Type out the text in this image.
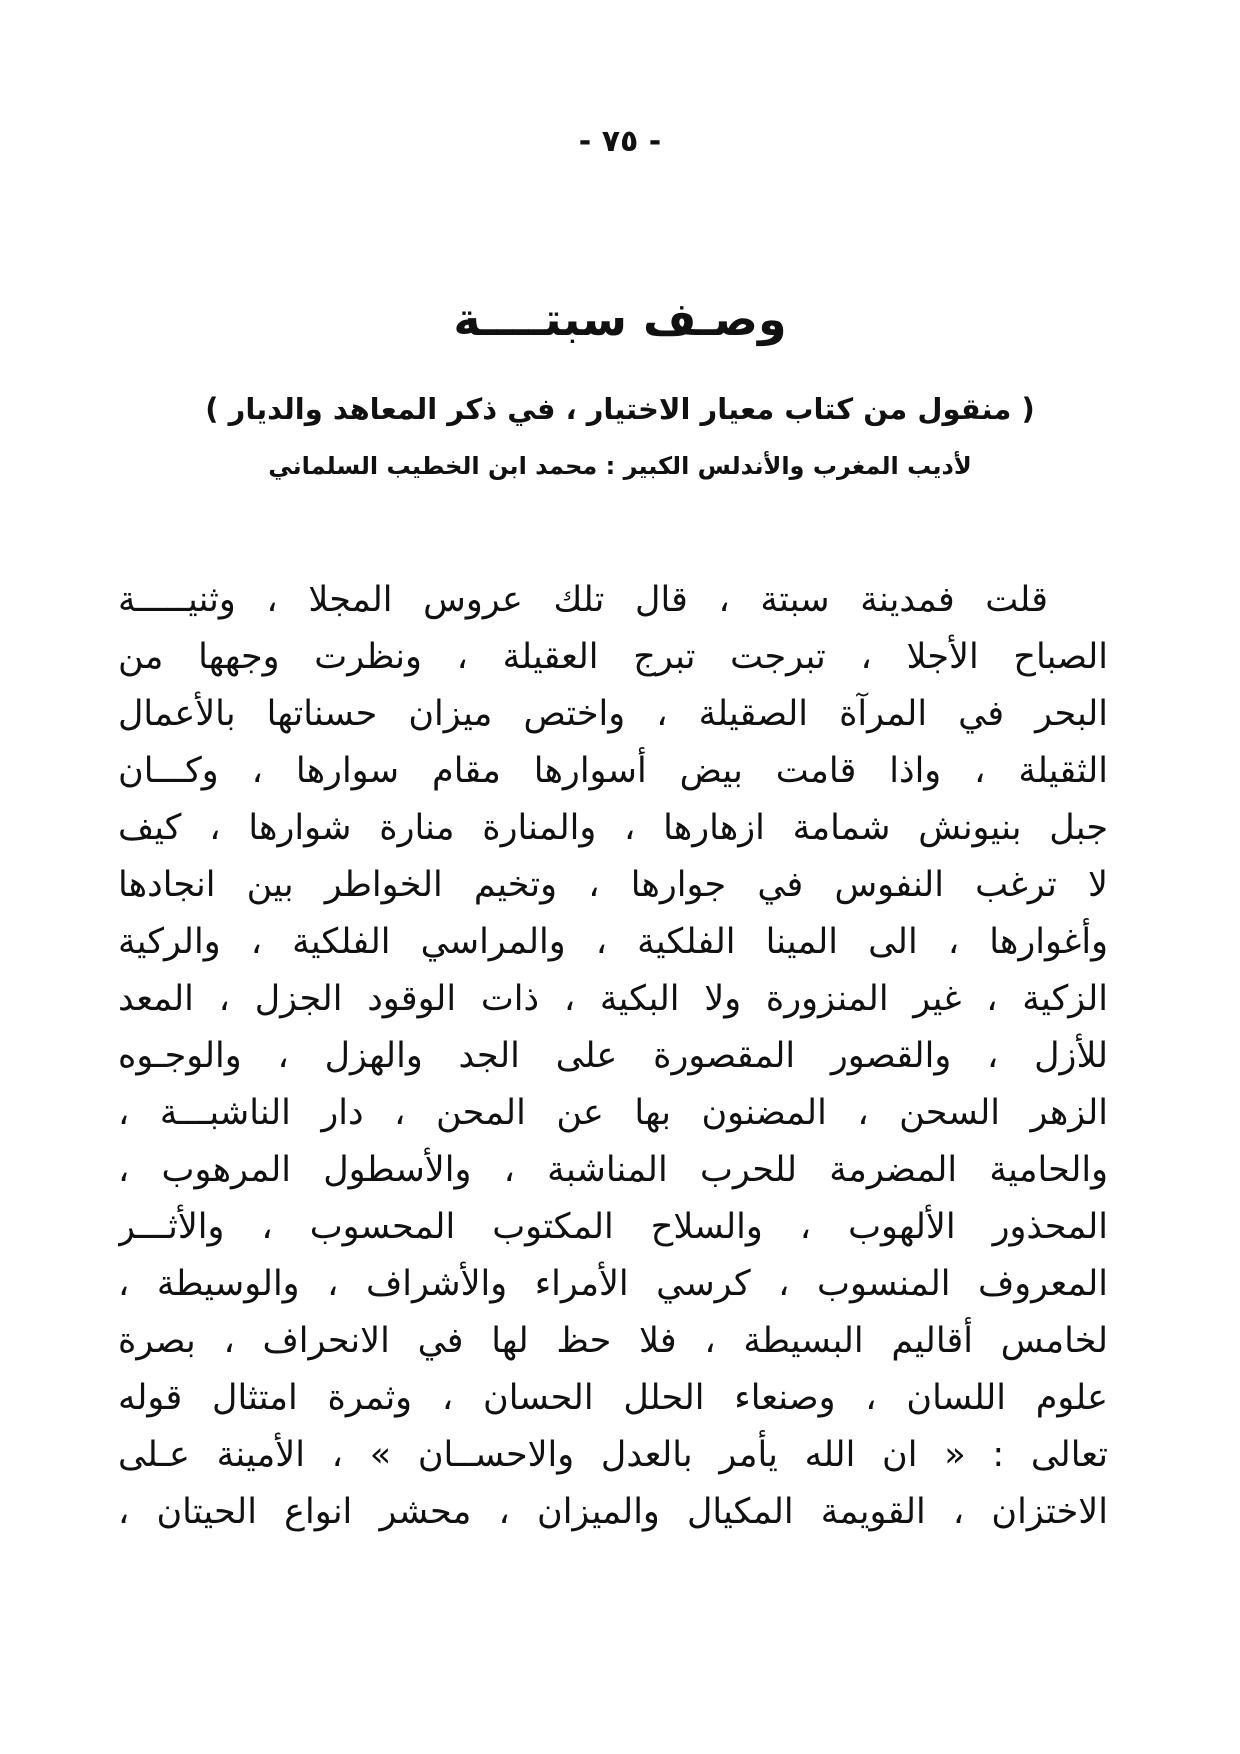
- ٧٥ -
وصـف سبتــــة
( منقول من كتاب معيار الاختيار ، في ذكر المعاهد والديار )
لأديب المغرب والأندلس الكبير : محمد ابن الخطيب السلماني
قلت فمدينة سبتة ، قال تلك عروس المجلا ، وثنيـــــة
الصباح الأجلا ، تبرجت تبرج العقيلة ، ونظرت وجهها من
البحر في المرآة الصقيلة ، واختص ميزان حسناتها بالأعمال
الثقيلة ، واذا قامت بيض أسوارها مقام سوارها ، وكـــان
جبل بنيونش شمامة ازهارها ، والمنارة منارة شوارها ، كيف
لا ترغب النفوس في جوارها ، وتخيم الخواطر بين انجادها
وأغوارها ، الى المينا الفلكية ، والمراسي الفلكية ، والركية
الزكية ، غير المنزورة ولا البكية ، ذات الوقود الجزل ، المعد
للأزل ، والقصور المقصورة على الجد والهزل ، والوجـوه
الزهر السحن ، المضنون بها عن المحن ، دار الناشبـــة ،
والحامية المضرمة للحرب المناشبة ، والأسطول المرهوب ،
المحذور الألهوب ، والسلاح المكتوب المحسوب ، والأثـــر
المعروف المنسوب ، كرسي الأمراء والأشراف ، والوسيطة ،
لخامس أقاليم البسيطة ، فلا حظ لها في الانحراف ، بصرة
علوم اللسان ، وصنعاء الحلل الحسان ، وثمرة امتثال قوله
تعالى : « ان الله يأمر بالعدل والاحســان » ، الأمينة عـلى
الاختزان ، القويمة المكيال والميزان ، محشر انواع الحيتان ،
